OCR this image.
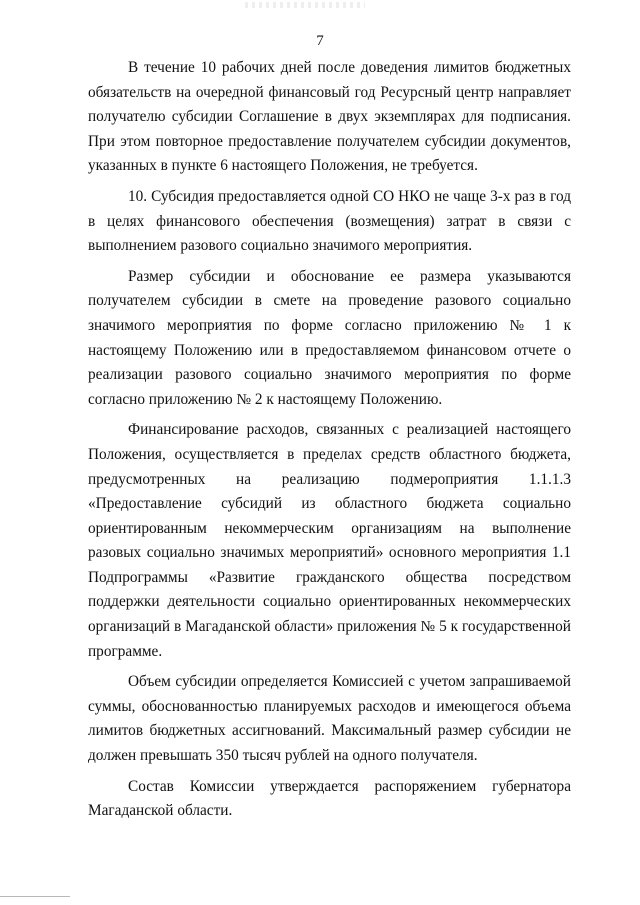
7

В течение 10 рабочих дней после доведения лимитов бюджетных обязательств на очередной финансовый год Ресурсный центр направляет получателю субсидии Соглашение в двух экземплярах для подписания. При этом повторное предоставление получателем субсидии документов, указанных в пункте 6 настоящего Положения, не требуется.

10. Субсидия предоставляется одной СО НКО не чаще 3-х раз в год в целях финансового обеспечения (возмещения) затрат в связи с выполнением разового социально значимого мероприятия.

Размер субсидии и обоснование ее размера указываются получателем субсидии в смете на проведение разового социально значимого мероприятия по форме согласно приложению № 1 к настоящему Положению или в предоставляемом финансовом отчете о реализации разового социально значимого мероприятия по форме согласно приложению № 2 к настоящему Положению.

Финансирование расходов, связанных с реализацией настоящего Положения, осуществляется в пределах средств областного бюджета, предусмотренных на реализацию подмероприятия 1.1.1.3 «Предоставление субсидий из областного бюджета социально ориентированным некоммерческим организациям на выполнение разовых социально значимых мероприятий» основного мероприятия 1.1 Подпрограммы «Развитие гражданского общества посредством поддержки деятельности социально ориентированных некоммерческих организаций в Магаданской области» приложения № 5 к государственной программе.

Объем субсидии определяется Комиссией с учетом запрашиваемой суммы, обоснованностью планируемых расходов и имеющегося объема лимитов бюджетных ассигнований. Максимальный размер субсидии не должен превышать 350 тысяч рублей на одного получателя.

Состав Комиссии утверждается распоряжением губернатора Магаданской области.
